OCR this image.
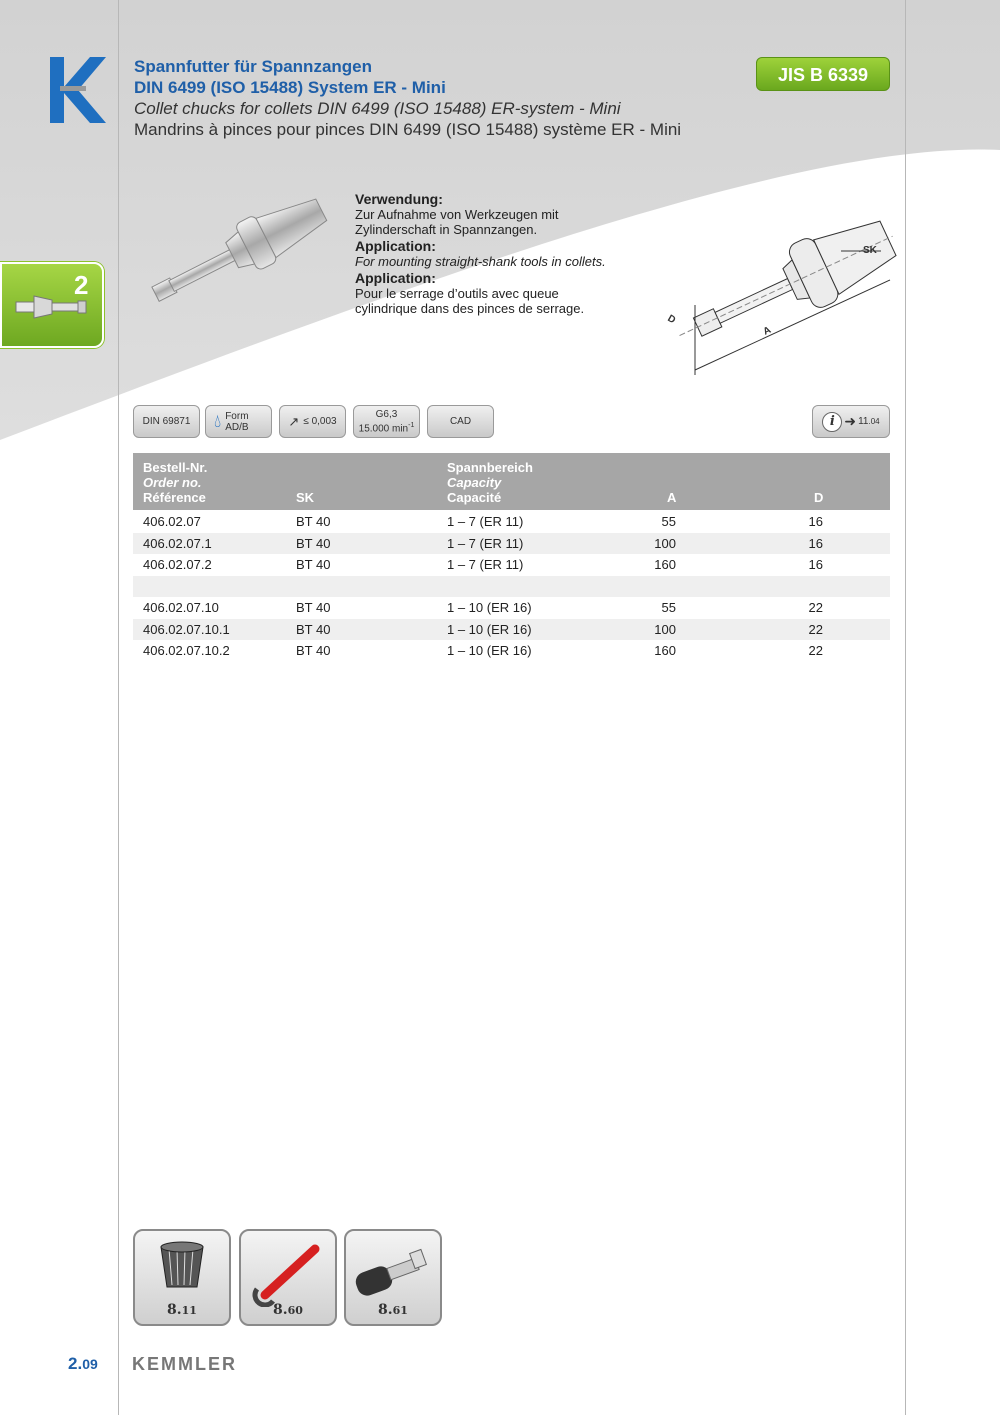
Spannfutter für Spannzangen
DIN 6499 (ISO 15488) System ER - Mini
Collet chucks for collets DIN 6499 (ISO 15488) ER-system - Mini
Mandrins à pinces pour pinces DIN 6499 (ISO 15488) système ER - Mini
JIS B 6339
2
Verwendung:
Zur Aufnahme von Werkzeugen mit
Zylinderschaft in Spannzangen.
Application:
For mounting straight-shank tools in collets.
Application:
Pour le serrage d’outils avec queue
cylindrique dans des pinces de serrage.
A
D
SK
DIN 69871 💧︎ Form
AD/B	↗ ≤ 0,003
G6,3
15.000 $\min^{-1}$	CAD	i ➜ 11 .04
Bestell-Nr.
Order no.
Référence	SK
Spannbereich
Capacity
Capacité	A	D
406.02.07	BT 40	1 – 7 (ER 11)	55	16
406.02.07.1	BT 40	1 – 7 (ER 11)	100	16
406.02.07.2	BT 40	1 – 7 (ER 11)	160	16
406.02.07.10	BT 40	1 – 10 (ER 16)	55	22
406.02.07.10.1	BT 40	1 – 10 (ER 16)	100	22
406.02.07.10.2	BT 40	1 – 10 (ER 16)	160	22
8.11	8.60	8.61
2.09 KEMMLER
